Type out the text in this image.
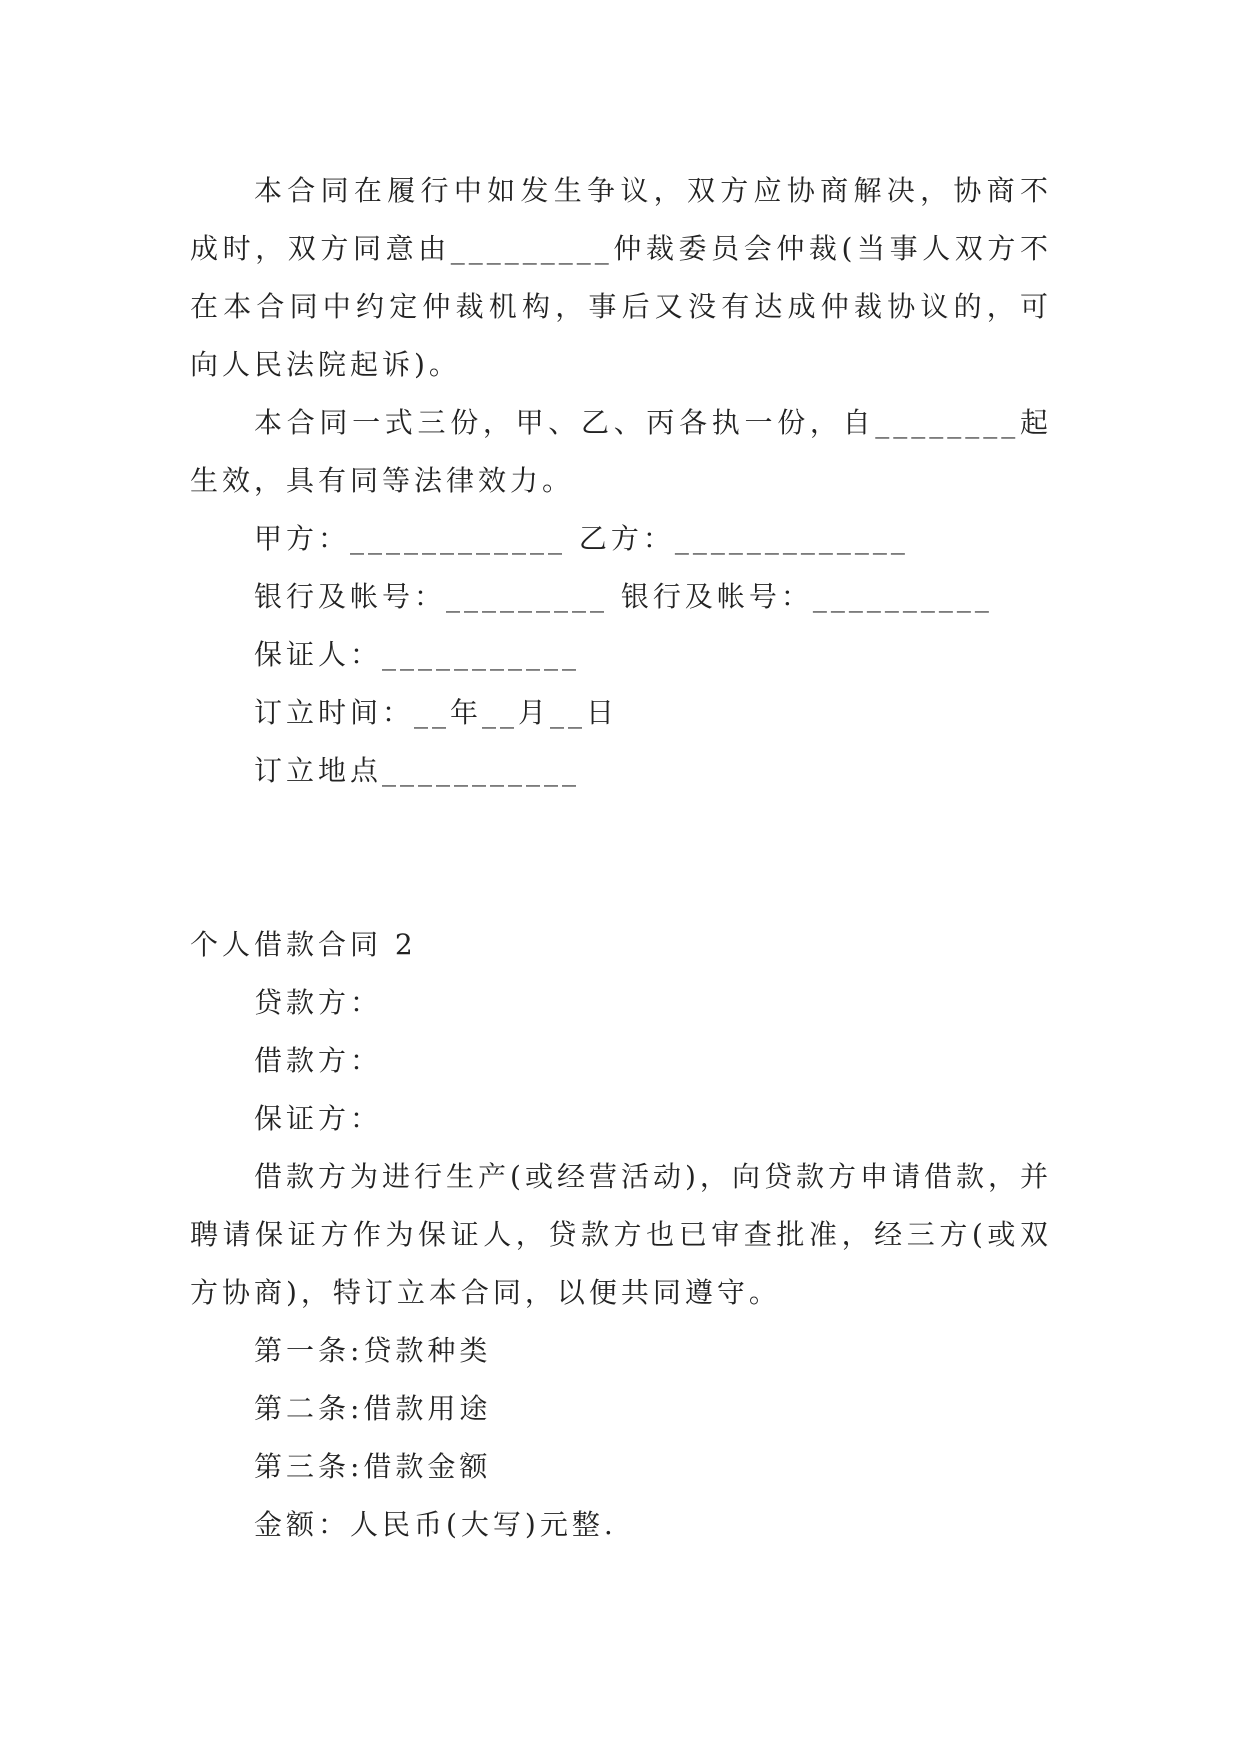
本合同在履行中如发生争议，双方应协商解决，协商不成时，双方同意由_________仲裁委员会仲裁(当事人双方不在本合同中约定仲裁机构，事后又没有达成仲裁协议的，可向人民法院起诉)。

本合同一式三份，甲、乙、丙各执一份，自________起生效，具有同等法律效力。

甲方：____________ 乙方：_____________

银行及帐号：_________ 银行及帐号：__________

保证人：___________

订立时间：__年__月__日

订立地点___________

个人借款合同 2

贷款方：

借款方：

保证方：

借款方为进行生产(或经营活动)，向贷款方申请借款，并聘请保证方作为保证人，贷款方也已审查批准，经三方(或双方协商)，特订立本合同，以便共同遵守。

第一条:贷款种类

第二条:借款用途

第三条:借款金额

金额：人民币(大写)元整.
